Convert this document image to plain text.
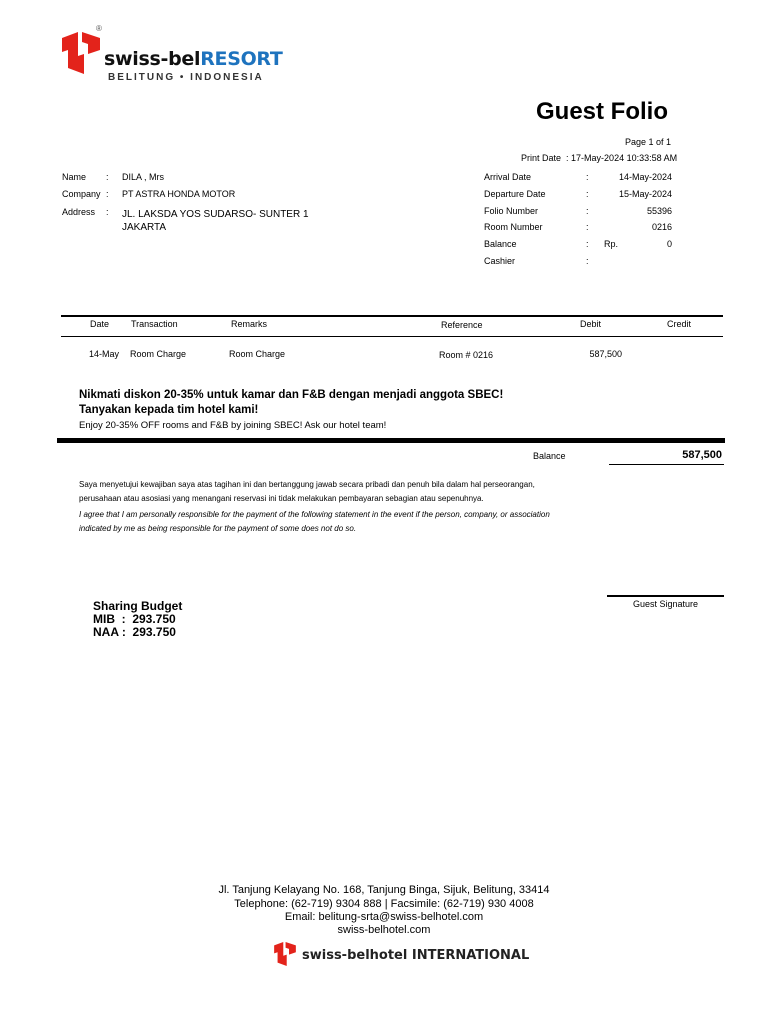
®
swiss-belRESORT
BELITUNG • INDONESIA
Guest Folio
Page 1 of 1
Print Date : 17-May-2024 10:33:58 AM
Name : DILA , Mrs
Company : PT ASTRA HONDA MOTOR
Address : JL. LAKSDA YOS SUDARSO- SUNTER 1
JAKARTA
Arrival Date	:	14-May-2024
Departure Date	:	15-May-2024
Folio Number	:	55396
Room Number	:	0216
Balance	: Rp.	0
Cashier	:
Date Transaction	Remarks	Reference	Debit	Credit
14-May Room Charge	Room Charge	Room # 0216	587,500
Nikmati diskon 20-35% untuk kamar dan F&B dengan menjadi anggota SBEC!
Tanyakan kepada tim hotel kami!
Enjoy 20-35% OFF rooms and F&B by joining SBEC! Ask our hotel team!
Balance	587,500
Saya menyetujui kewajiban saya atas tagihan ini dan bertanggung jawab secara pribadi dan penuh bila dalam hal perseorangan,
perusahaan atau asosiasi yang menangani reservasi ini tidak melakukan pembayaran sebagian atau sepenuhnya.
I agree that I am personally responsible for the payment of the following statement in the event if the person, company, or association
indicated by me as being responsible for the payment of some does not do so.
Sharing Budget
MIB  :  293.750
NAA :  293.750
Guest Signature
Jl. Tanjung Kelayang No. 168, Tanjung Binga, Sijuk, Belitung, 33414
Telephone: (62-719) 9304 888 | Facsimile: (62-719) 930 4008
Email: belitung-srta@swiss-belhotel.com
swiss-belhotel.com
swiss-belhotel INTERNATIONAL
